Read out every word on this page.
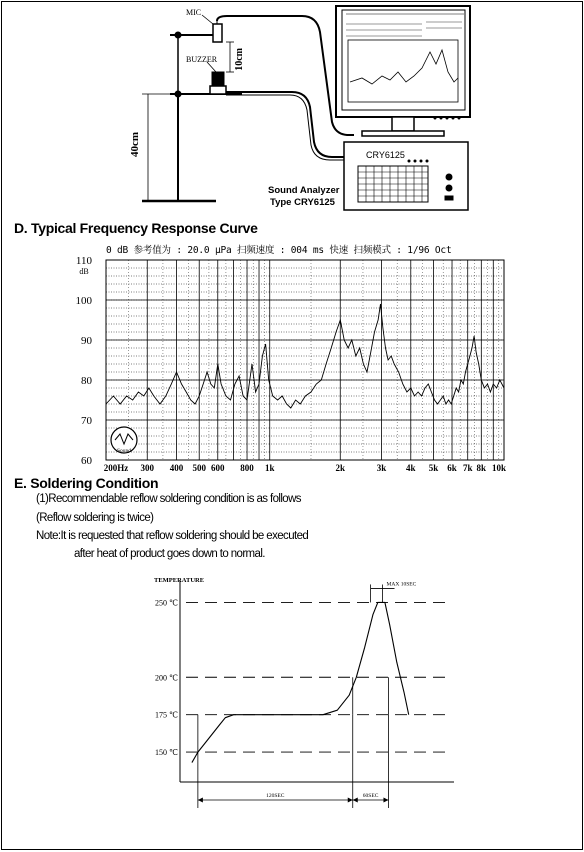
MIC
BUZZER 10cm
40cm	CRY6125
Sound Analyzer
Type CRY6125
D. Typical Frequency Response Curve
0 dB 参考值为 : 20.0 μPa 扫频速度 : 004 ms 快速 扫频模式 : 1/96 Oct
60
70
80
90
100
110
dB
200Hz 300 400 500 600 800 1k	2k	3k 4k 5k 6k 7k 8k 10k
Sound
E. Soldering Condition
(1)Recommendable reflow soldering condition is as follows
(Reflow soldering is twice)
Note:It is requested that reflow soldering should be executed
after heat of product goes down to normal.
TEMPERATURE
150 ℃
175 ℃
200 ℃
250 ℃
120SEC	60SEC
MAX 10SEC
